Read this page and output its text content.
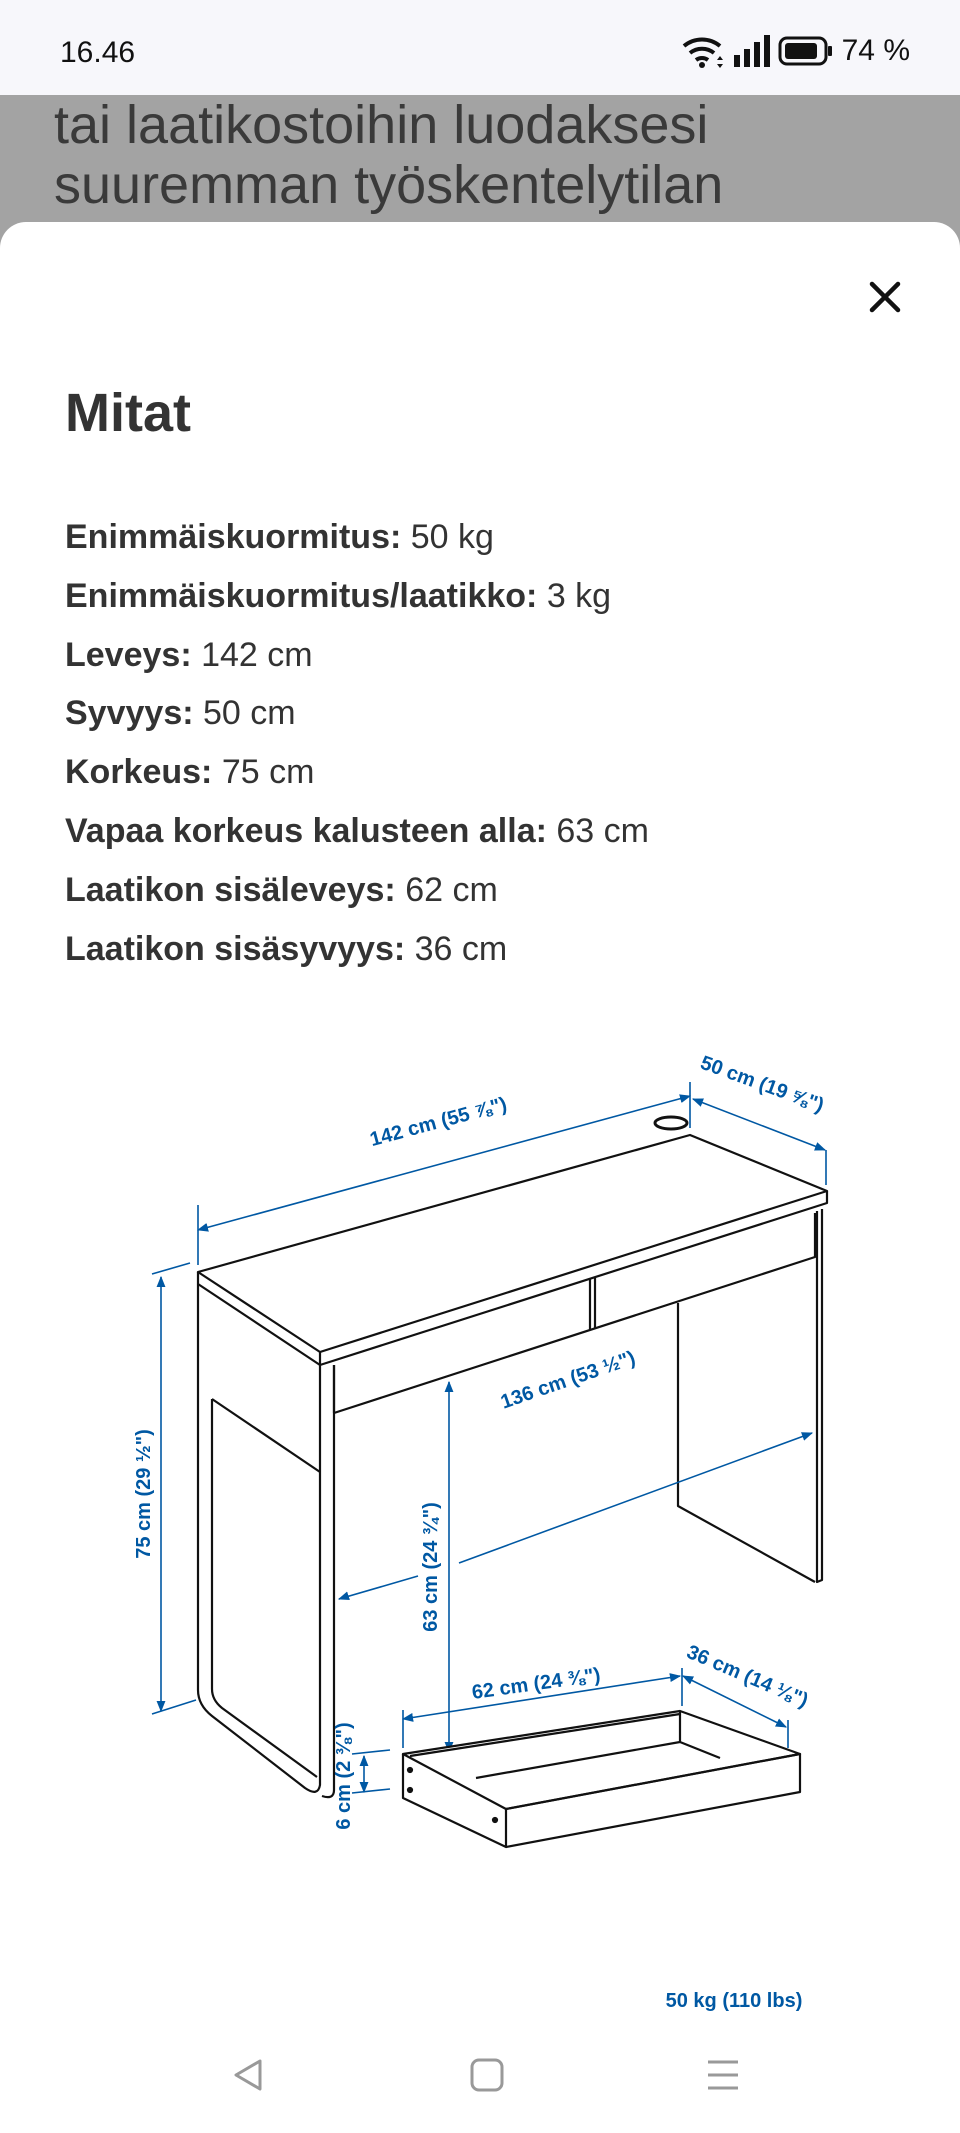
16.46	74 %
tai laatikostoihin luodaksesi
suuremman työskentelytilan
Mitat
Enimmäiskuormitus: 50 kg
Enimmäiskuormitus/laatikko: 3 kg
Leveys: 142 cm
Syvyys: 50 cm
Korkeus: 75 cm
Vapaa korkeus kalusteen alla: 63 cm
Laatikon sisäleveys: 62 cm
Laatikon sisäsyvyys: 36 cm
142 cm (55 ⅞")
50 cm (19 ⅝")
75 cm (29 ½")
63 cm (24 ¾")
136 cm (53 ½")
62 cm (24 ⅜")	36 cm (14 ⅛")
6 cm (2 ⅜")
50 kg (110 lbs)
